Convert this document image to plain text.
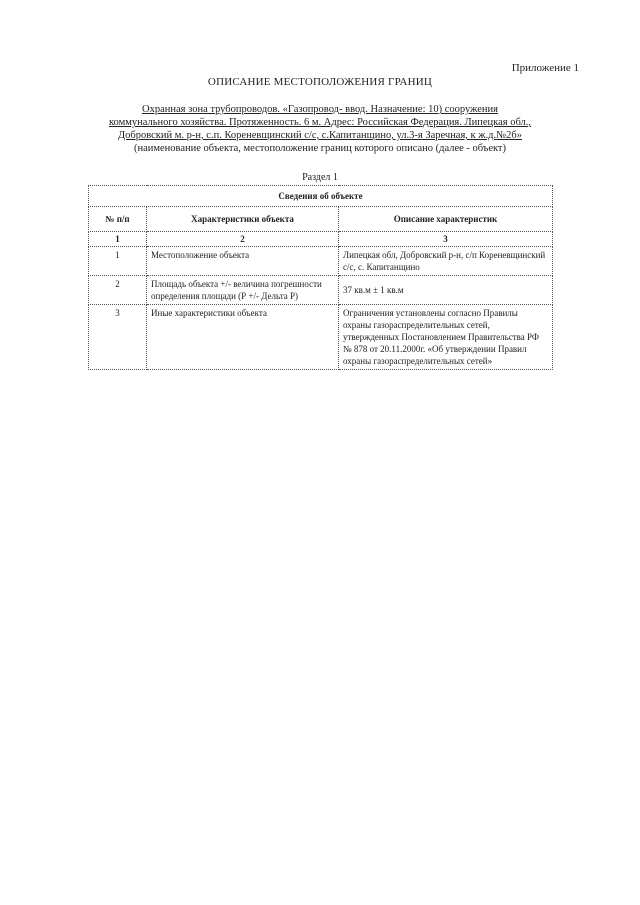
Приложение 1
ОПИСАНИЕ МЕСТОПОЛОЖЕНИЯ ГРАНИЦ
Охранная зона трубопроводов. «Газопровод- ввод. Назначение: 10) сооружения
коммунального хозяйства. Протяженность. 6 м. Адрес: Российская Федерация. Липецкая обл.,
Добровский м. р-н, с.п. Кореневщинский с/с, с.Капитанщино, ул.3-я Заречная, к ж.д.№2б»
(наименование объекта, местоположение границ которого описано (далее - объект)
Раздел 1
Сведения об объекте		
№ п/п	Характеристики объекта	Описание характеристик
1	2	3
1	Местоположение объекта	Липецкая обл, Добровский р-н, с/п Кореневщинский с/с, с. Капитанщино
2	Площадь объекта +/- величина погрешности определения площади (Р +/- Дельта Р)	37 кв.м ± 1 кв.м
3	Иные характеристики объекта	Ограничения установлены согласно Правилы охраны газораспределительных сетей, утвержденных Постановлением Правительства РФ № 878 от 20.11.2000г. «Об утверждении Правил охраны газораспределительных сетей»
